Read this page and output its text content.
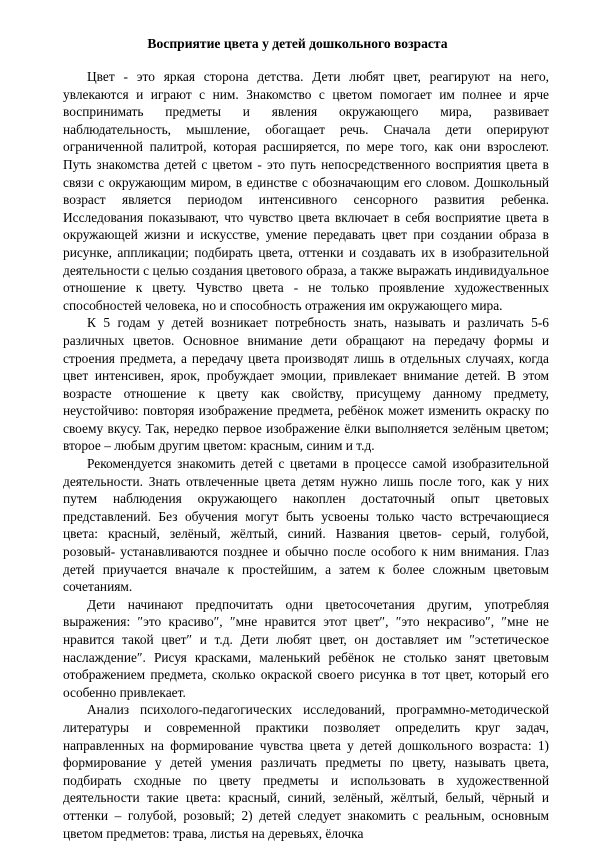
Восприятие цвета у детей дошкольного возраста

Цвет - это яркая сторона детства. Дети любят цвет, реагируют на него, увлекаются и играют с ним. Знакомство с цветом помогает им полнее и ярче воспринимать предметы и явления окружающего мира, развивает наблюдательность, мышление, обогащает речь. Сначала дети оперируют ограниченной палитрой, которая расширяется, по мере того, как они взрослеют. Путь знакомства детей с цветом - это путь непосредственного восприятия цвета в связи с окружающим миром, в единстве с обозначающим его словом. Дошкольный возраст является периодом интенсивного сенсорного развития ребенка. Исследования показывают, что чувство цвета включает в себя восприятие цвета в окружающей жизни и искусстве, умение передавать цвет при создании образа в рисунке, аппликации; подбирать цвета, оттенки и создавать их в изобразительной деятельности с целью создания цветового образа, а также выражать индивидуальное отношение к цвету. Чувство цвета - не только проявление художественных способностей человека, но и способность отражения им окружающего мира.

К 5 годам у детей возникает потребность знать, называть и различать 5-6 различных цветов. Основное внимание дети обращают на передачу формы и строения предмета, а передачу цвета производят лишь в отдельных случаях, когда цвет интенсивен, ярок, пробуждает эмоции, привлекает внимание детей. В этом возрасте отношение к цвету как свойству, присущему данному предмету, неустойчиво: повторяя изображение предмета, ребёнок может изменить окраску по своему вкусу. Так, нередко первое изображение ёлки выполняется зелёным цветом; второе – любым другим цветом: красным, синим и т.д.

Рекомендуется знакомить детей с цветами в процессе самой изобразительной деятельности. Знать отвлеченные цвета детям нужно лишь после того, как у них путем наблюдения окружающего накоплен достаточный опыт цветовых представлений. Без обучения могут быть усвоены только часто встречающиеся цвета: красный, зелёный, жёлтый, синий. Названия цветов- серый, голубой, розовый- устанавливаются позднее и обычно после особого к ним внимания. Глаз детей приучается вначале к простейшим, а затем к более сложным цветовым сочетаниям.

Дети начинают предпочитать одни цветосочетания другим, употребляя выражения: ″это красиво″, ″мне нравится этот цвет″, ″это некрасиво″, ″мне не нравится такой цвет″ и т.д. Дети любят цвет, он доставляет им ″эстетическое наслаждение″. Рисуя красками, маленький ребёнок не столько занят цветовым отображением предмета, сколько окраской своего рисунка в тот цвет, который его особенно привлекает.

Анализ психолого-педагогических исследований, программно-методической литературы и современной практики позволяет определить круг задач, направленных на формирование чувства цвета у детей дошкольного возраста: 1) формирование у детей умения различать предметы по цвету, называть цвета, подбирать сходные по цвету предметы и использовать в художественной деятельности такие цвета: красный, синий, зелёный, жёлтый, белый, чёрный и оттенки – голубой, розовый; 2) детей следует знакомить с реальным, основным цветом предметов: трава, листья на деревьях, ёлочка
